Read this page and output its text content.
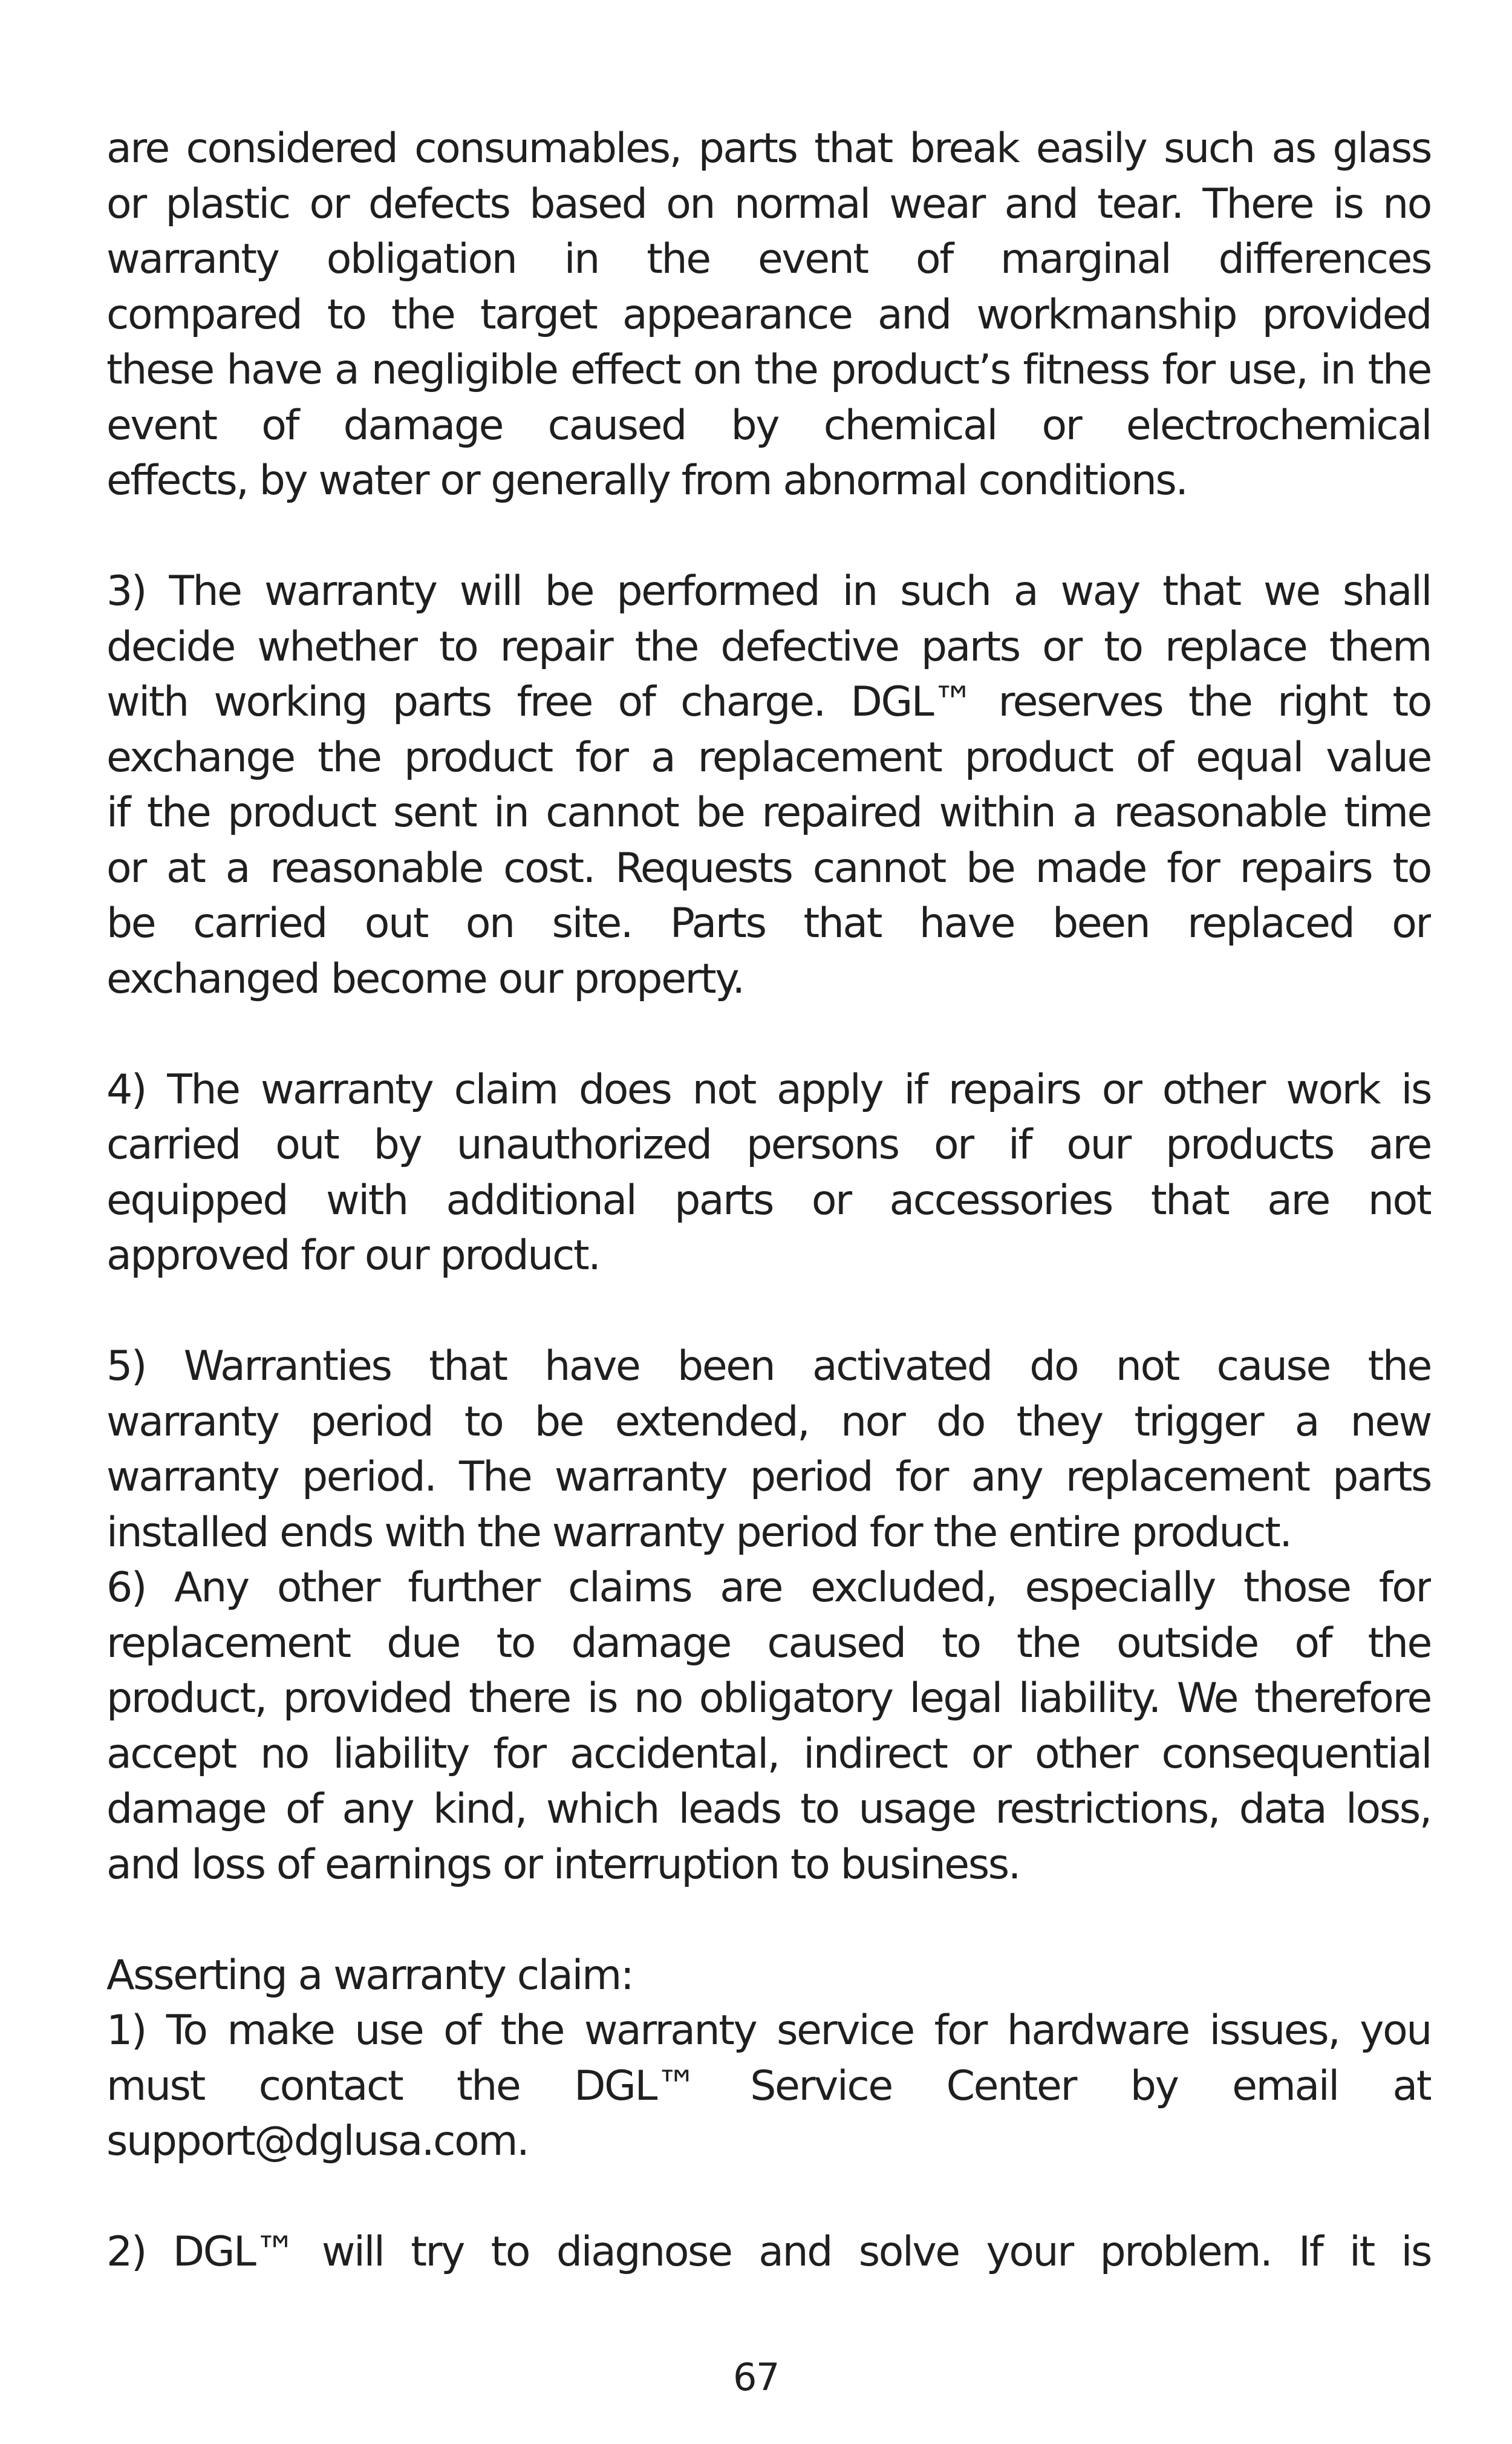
are considered consumables, parts that break easily such as glass
or plastic or defects based on normal wear and tear. There is no
warranty obligation in the event of marginal differences
compared to the target appearance and workmanship provided
these have a negligible effect on the product’s fitness for use, in the
event of damage caused by chemical or electrochemical
effects, by water or generally from abnormal conditions.
3) The warranty will be performed in such a way that we shall
decide whether to repair the defective parts or to replace them
with working parts free of charge. DGL™ reserves the right to
exchange the product for a replacement product of equal value
if the product sent in cannot be repaired within a reasonable time
or at a reasonable cost. Requests cannot be made for repairs to
be carried out on site. Parts that have been replaced or
exchanged become our property.
4) The warranty claim does not apply if repairs or other work is
carried out by unauthorized persons or if our products are
equipped with additional parts or accessories that are not
approved for our product.
5) Warranties that have been activated do not cause the
warranty period to be extended, nor do they trigger a new
warranty period. The warranty period for any replacement parts
installed ends with the warranty period for the entire product.
6) Any other further claims are excluded, especially those for
replacement due to damage caused to the outside of the
product, provided there is no obligatory legal liability. We therefore
accept no liability for accidental, indirect or other consequential
damage of any kind, which leads to usage restrictions, data loss,
and loss of earnings or interruption to business.
Asserting a warranty claim:
1) To make use of the warranty service for hardware issues, you
must contact the DGL™ Service Center by email at
support@dglusa.com.
2) DGL™ will try to diagnose and solve your problem. If it is
67
